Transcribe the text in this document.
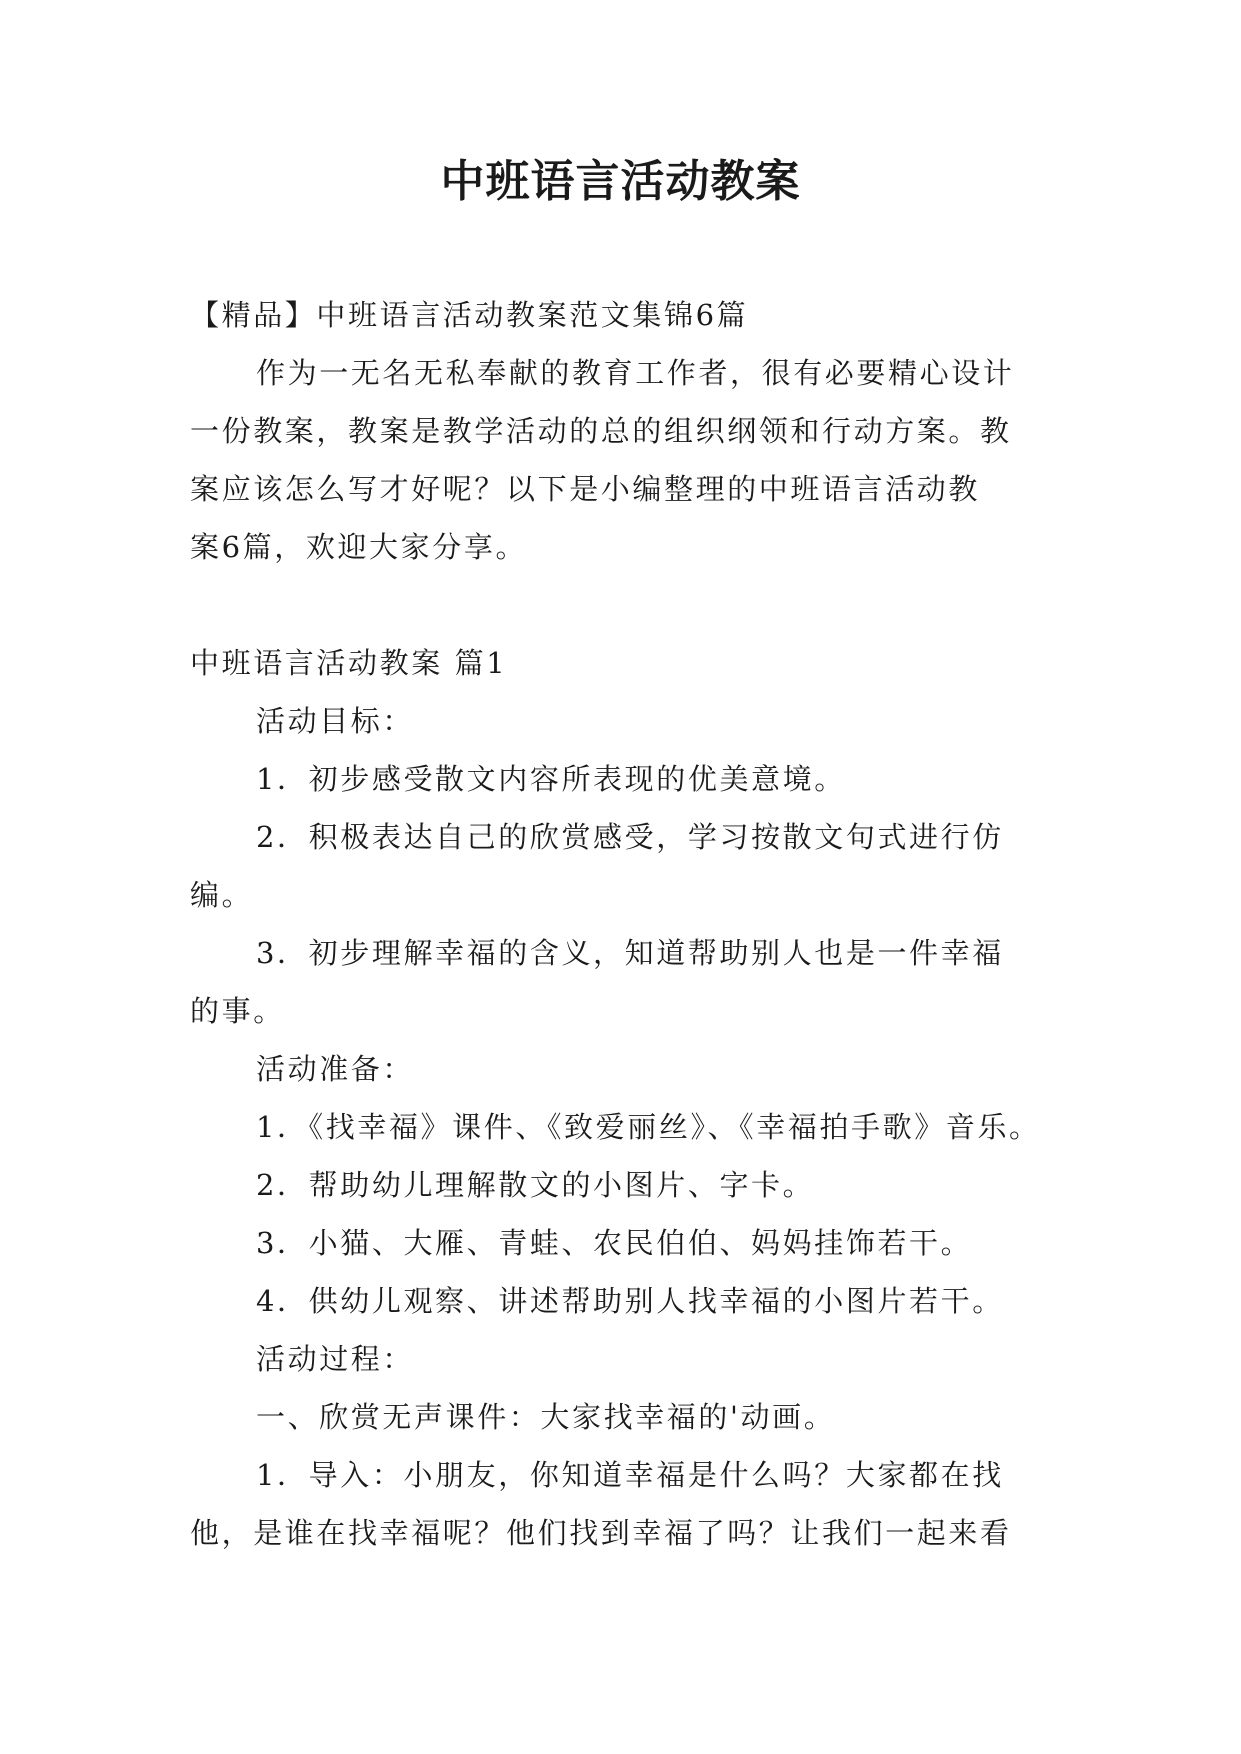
中班语言活动教案

【精品】中班语言活动教案范文集锦6篇

作为一无名无私奉献的教育工作者，很有必要精心设计

一份教案，教案是教学活动的总的组织纲领和行动方案。教

案应该怎么写才好呢？以下是小编整理的中班语言活动教

案6篇，欢迎大家分享。

中班语言活动教案 篇1

活动目标：

1．初步感受散文内容所表现的优美意境。

2．积极表达自己的欣赏感受，学习按散文句式进行仿

编。

3．初步理解幸福的含义，知道帮助别人也是一件幸福

的事。

活动准备：

1．《找幸福》课件、《致爱丽丝》、《幸福拍手歌》音乐。

2．帮助幼儿理解散文的小图片、字卡。

3．小猫、大雁、青蛙、农民伯伯、妈妈挂饰若干。

4．供幼儿观察、讲述帮助别人找幸福的小图片若干。

活动过程：

一、欣赏无声课件：大家找幸福的'动画。

1．导入：小朋友，你知道幸福是什么吗？大家都在找

他，是谁在找幸福呢？他们找到幸福了吗？让我们一起来看
